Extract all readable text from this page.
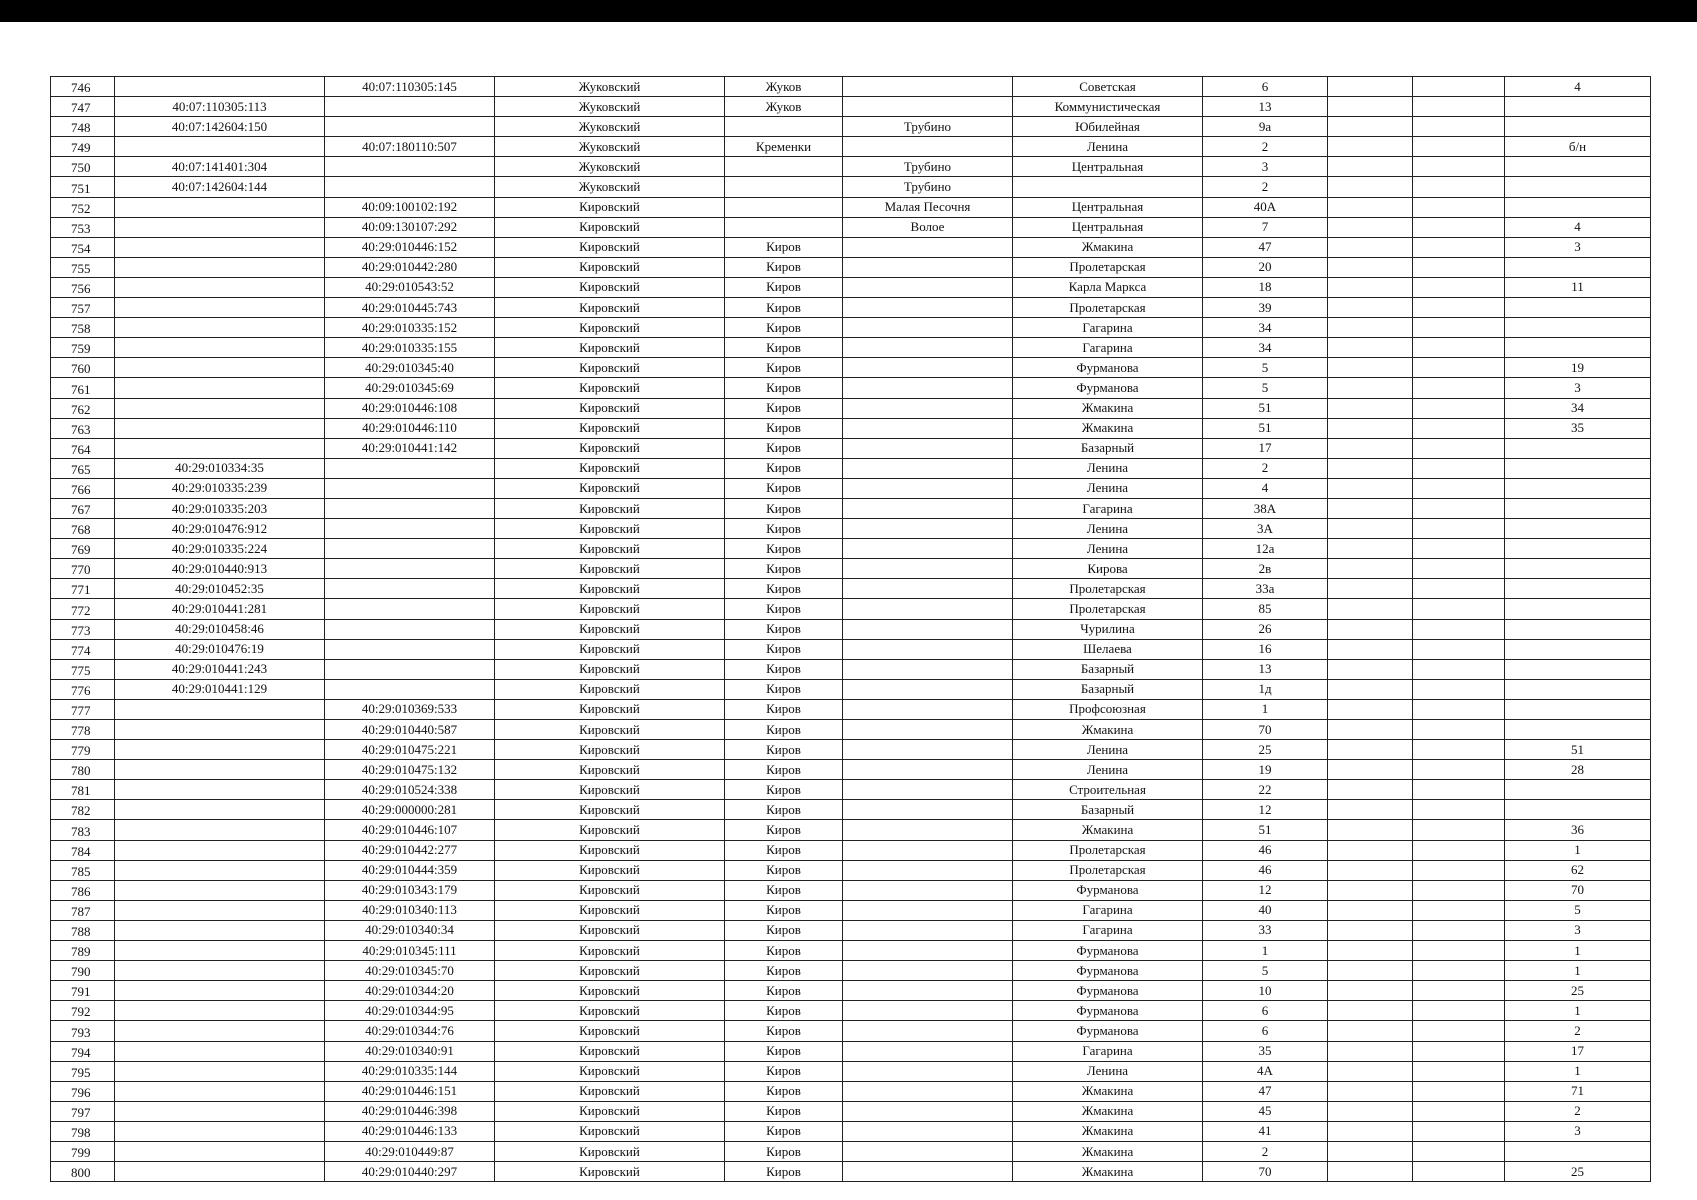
746		40:07:110305:145	Жуковский	Жуков		Советская	6			4
747	40:07:110305:113		Жуковский	Жуков		Коммунистическая	13			
748	40:07:142604:150		Жуковский		Трубино	Юбилейная	9а			
749		40:07:180110:507	Жуковский	Кременки		Ленина	2			б/н
750	40:07:141401:304		Жуковский		Трубино	Центральная	3			
751	40:07:142604:144		Жуковский		Трубино		2			
752		40:09:100102:192	Кировский		Малая Песочня	Центральная	40А			
753		40:09:130107:292	Кировский		Волое	Центральная	7			4
754		40:29:010446:152	Кировский	Киров		Жмакина	47			3
755		40:29:010442:280	Кировский	Киров		Пролетарская	20			
756		40:29:010543:52	Кировский	Киров		Карла Маркса	18			11
757		40:29:010445:743	Кировский	Киров		Пролетарская	39			
758		40:29:010335:152	Кировский	Киров		Гагарина	34			
759		40:29:010335:155	Кировский	Киров		Гагарина	34			
760		40:29:010345:40	Кировский	Киров		Фурманова	5			19
761		40:29:010345:69	Кировский	Киров		Фурманова	5			3
762		40:29:010446:108	Кировский	Киров		Жмакина	51			34
763		40:29:010446:110	Кировский	Киров		Жмакина	51			35
764		40:29:010441:142	Кировский	Киров		Базарный	17			
765	40:29:010334:35		Кировский	Киров		Ленина	2			
766	40:29:010335:239		Кировский	Киров		Ленина	4			
767	40:29:010335:203		Кировский	Киров		Гагарина	38А			
768	40:29:010476:912		Кировский	Киров		Ленина	3А			
769	40:29:010335:224		Кировский	Киров		Ленина	12а			
770	40:29:010440:913		Кировский	Киров		Кирова	2в			
771	40:29:010452:35		Кировский	Киров		Пролетарская	33а			
772	40:29:010441:281		Кировский	Киров		Пролетарская	85			
773	40:29:010458:46		Кировский	Киров		Чурилина	26			
774	40:29:010476:19		Кировский	Киров		Шелаева	16			
775	40:29:010441:243		Кировский	Киров		Базарный	13			
776	40:29:010441:129		Кировский	Киров		Базарный	1д			
777		40:29:010369:533	Кировский	Киров		Профсоюзная	1			
778		40:29:010440:587	Кировский	Киров		Жмакина	70			
779		40:29:010475:221	Кировский	Киров		Ленина	25			51
780		40:29:010475:132	Кировский	Киров		Ленина	19			28
781		40:29:010524:338	Кировский	Киров		Строительная	22			
782		40:29:000000:281	Кировский	Киров		Базарный	12			
783		40:29:010446:107	Кировский	Киров		Жмакина	51			36
784		40:29:010442:277	Кировский	Киров		Пролетарская	46			1
785		40:29:010444:359	Кировский	Киров		Пролетарская	46			62
786		40:29:010343:179	Кировский	Киров		Фурманова	12			70
787		40:29:010340:113	Кировский	Киров		Гагарина	40			5
788		40:29:010340:34	Кировский	Киров		Гагарина	33			3
789		40:29:010345:111	Кировский	Киров		Фурманова	1			1
790		40:29:010345:70	Кировский	Киров		Фурманова	5			1
791		40:29:010344:20	Кировский	Киров		Фурманова	10			25
792		40:29:010344:95	Кировский	Киров		Фурманова	6			1
793		40:29:010344:76	Кировский	Киров		Фурманова	6			2
794		40:29:010340:91	Кировский	Киров		Гагарина	35			17
795		40:29:010335:144	Кировский	Киров		Ленина	4А			1
796		40:29:010446:151	Кировский	Киров		Жмакина	47			71
797		40:29:010446:398	Кировский	Киров		Жмакина	45			2
798		40:29:010446:133	Кировский	Киров		Жмакина	41			3
799		40:29:010449:87	Кировский	Киров		Жмакина	2			
800		40:29:010440:297	Кировский	Киров		Жмакина	70			25
